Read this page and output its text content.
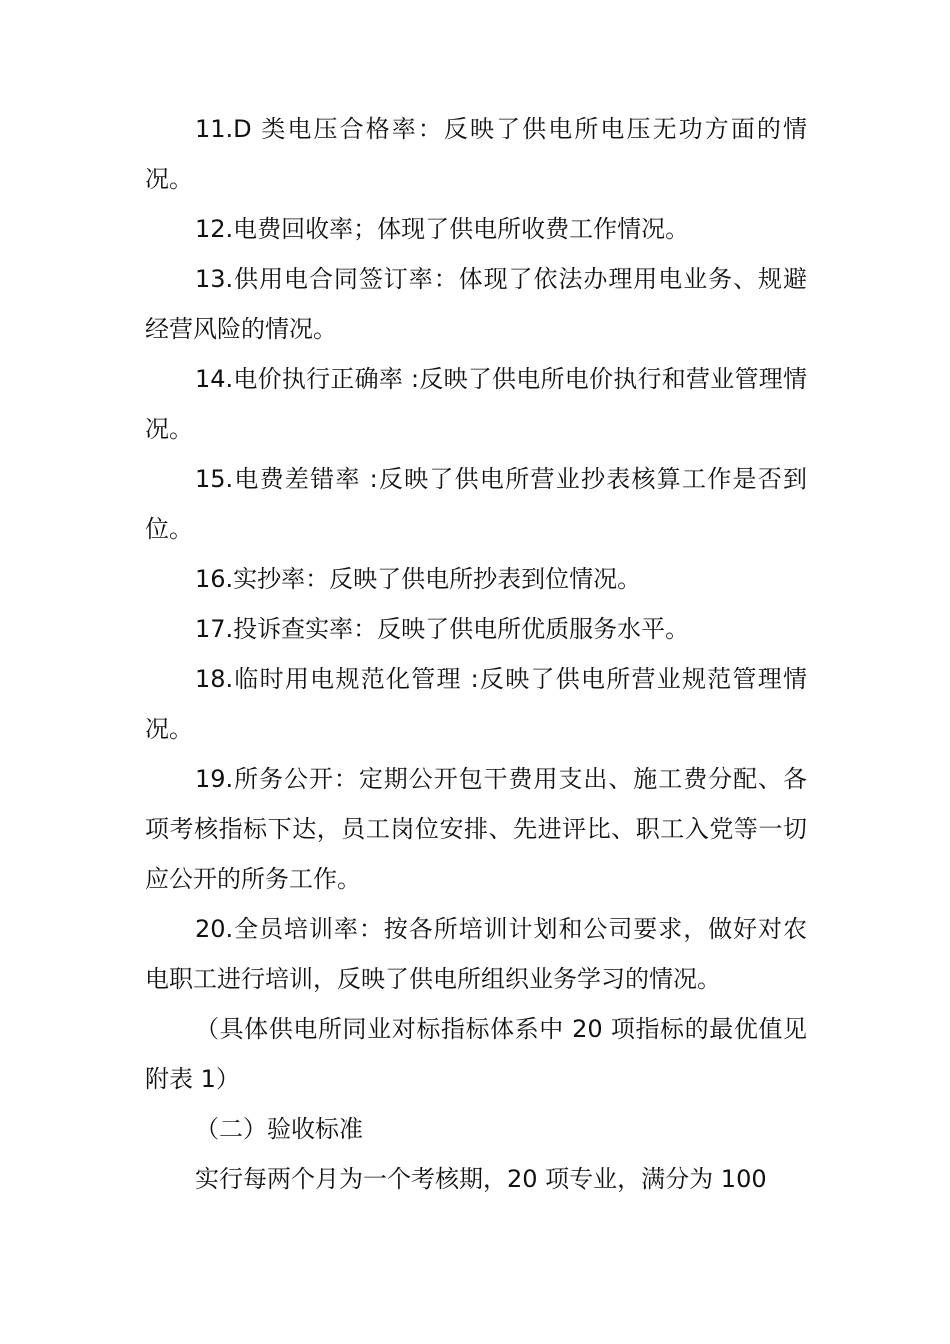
11.D 类电压合格率：反映了供电所电压无功方面的情况。

12.电费回收率；体现了供电所收费工作情况。

13.供用电合同签订率：体现了依法办理用电业务、规避经营风险的情况。

14.电价执行正确率 :反映了供电所电价执行和营业管理情况。

15.电费差错率 :反映了供电所营业抄表核算工作是否到位。

16.实抄率：反映了供电所抄表到位情况。

17.投诉查实率：反映了供电所优质服务水平。

18.临时用电规范化管理 :反映了供电所营业规范管理情况。

19.所务公开：定期公开包干费用支出、施工费分配、各项考核指标下达，员工岗位安排、先进评比、职工入党等一切应公开的所务工作。

20.全员培训率：按各所培训计划和公司要求，做好对农电职工进行培训，反映了供电所组织业务学习的情况。

（具体供电所同业对标指标体系中 20 项指标的最优值见附表 1）

（二）验收标准

实行每两个月为一个考核期，20 项专业，满分为 100
